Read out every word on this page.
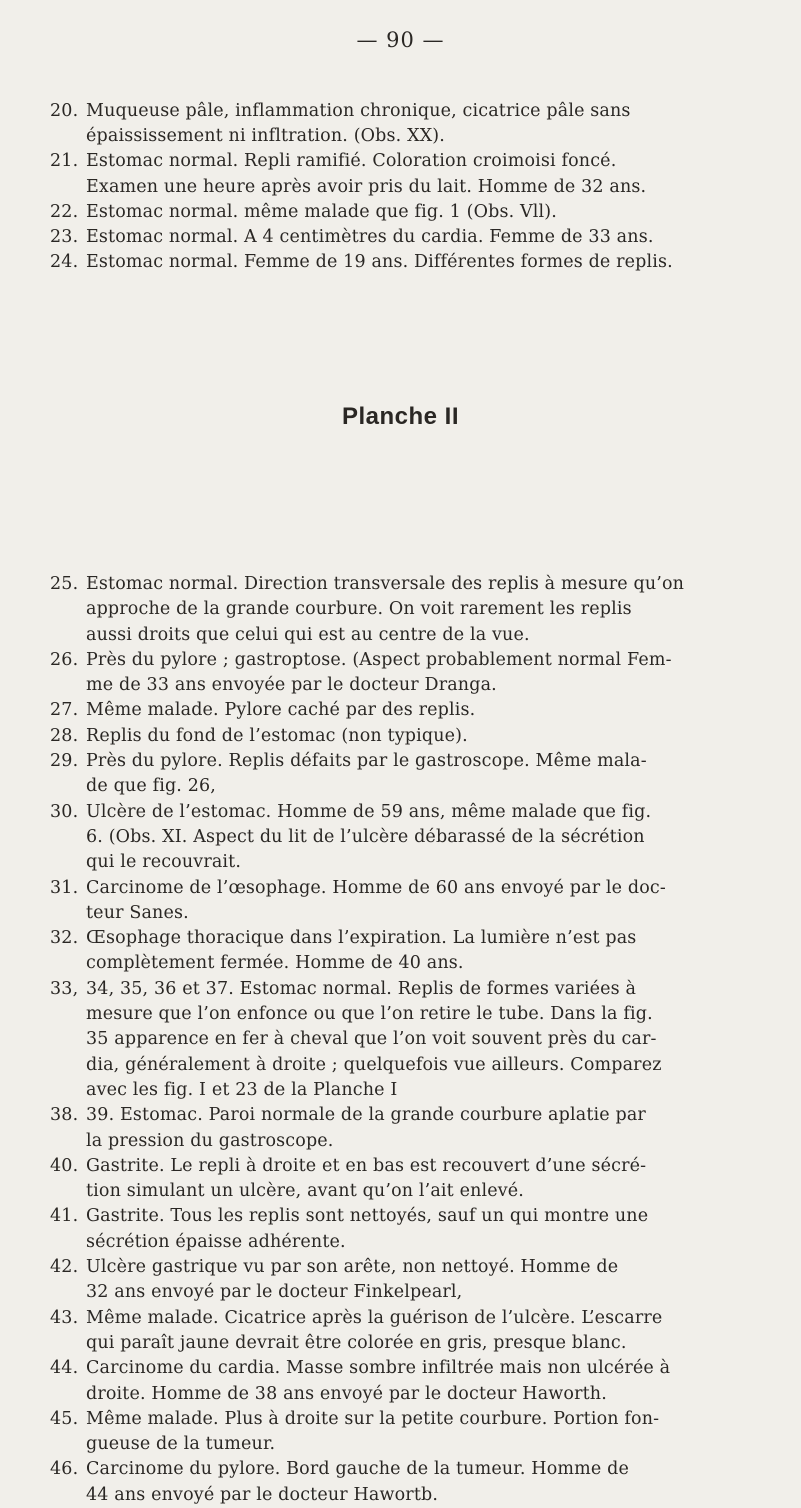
— 90 —
20. Muqueuse pâle, inflammation chronique, cicatrice pâle sans
épaississement ni infltration. (Obs. XX).
21. Estomac normal. Repli ramifié. Coloration croimoisi foncé.
Examen une heure après avoir pris du lait. Homme de 32 ans.
22. Estomac normal. même malade que fig. 1 (Obs. Vll).
23. Estomac normal. A 4 centimètres du cardia. Femme de 33 ans.
24. Estomac normal. Femme de 19 ans. Différentes formes de replis.
Planche II
25. Estomac normal. Direction transversale des replis à mesure qu’on
approche de la grande courbure. On voit rarement les replis
aussi droits que celui qui est au centre de la vue.
26. Près du pylore ; gastroptose. (Aspect probablement normal Fem-
me de 33 ans envoyée par le docteur Dranga.
27. Même malade. Pylore caché par des replis.
28. Replis du fond de l’estomac (non typique).
29. Près du pylore. Replis défaits par le gastroscope. Même mala-
de que fig. 26,
30. Ulcère de l’estomac. Homme de 59 ans, même malade que fig.
6. (Obs. XI. Aspect du lit de l’ulcère débarassé de la sécrétion
qui le recouvrait.
31. Carcinome de l’œsophage. Homme de 60 ans envoyé par le doc-
teur Sanes.
32. Œsophage thoracique dans l’expiration. La lumière n’est pas
complètement fermée. Homme de 40 ans.
33, 34, 35, 36 et 37. Estomac normal. Replis de formes variées à
mesure que l’on enfonce ou que l’on retire le tube. Dans la fig.
35 apparence en fer à cheval que l’on voit souvent près du car-
dia, généralement à droite ; quelquefois vue ailleurs. Comparez
avec les fig. I et 23 de la Planche I
38. 39. Estomac. Paroi normale de la grande courbure aplatie par
la pression du gastroscope.
40. Gastrite. Le repli à droite et en bas est recouvert d’une sécré-
tion simulant un ulcère, avant qu’on l’ait enlevé.
41. Gastrite. Tous les replis sont nettoyés, sauf un qui montre une
sécrétion épaisse adhérente.
42. Ulcère gastrique vu par son arête, non nettoyé. Homme de
32 ans envoyé par le docteur Finkelpearl,
43. Même malade. Cicatrice après la guérison de l’ulcère. L’escarre
qui paraît jaune devrait être colorée en gris, presque blanc.
44. Carcinome du cardia. Masse sombre infiltrée mais non ulcérée à
droite. Homme de 38 ans envoyé par le docteur Haworth.
45. Même malade. Plus à droite sur la petite courbure. Portion fon-
gueuse de la tumeur.
46. Carcinome du pylore. Bord gauche de la tumeur. Homme de
44 ans envoyé par le docteur Hawortb.
